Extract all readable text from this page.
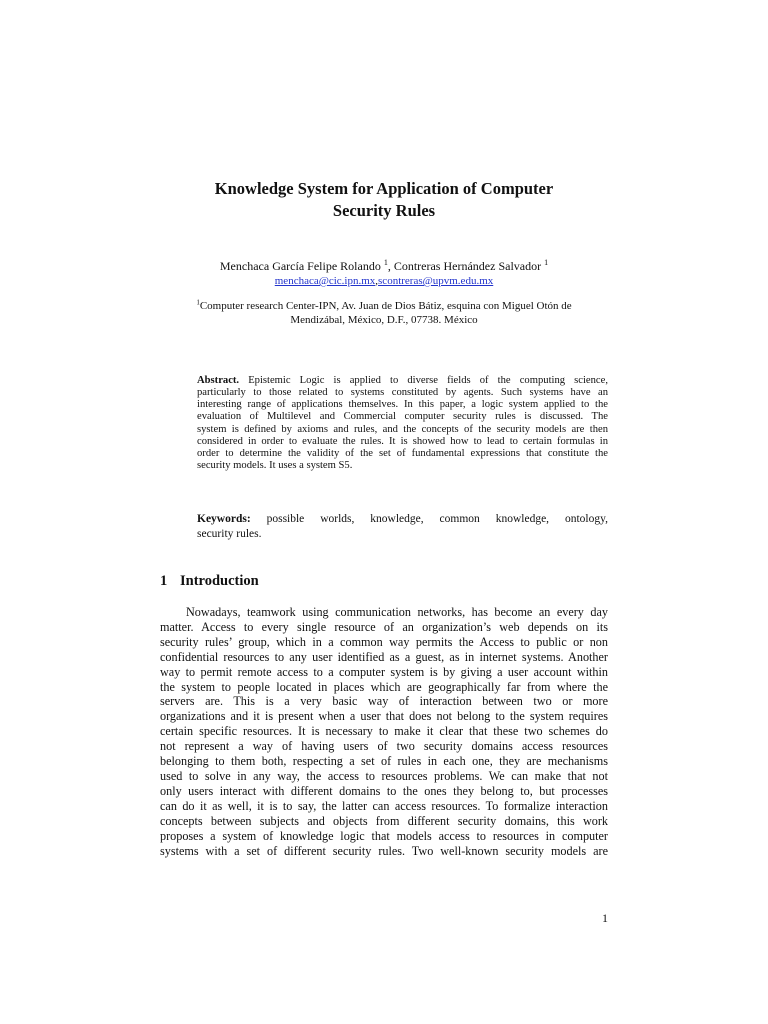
Knowledge System for Application of Computer
Security Rules
Menchaca García Felipe Rolando $^1$, Contreras Hernández Salvador $^1$
menchaca@cic.ipn.mx,scontreras@upvm.edu.mx
$^1$Computer research Center-IPN, Av. Juan de Dios Bátiz, esquina con Miguel Otón de
Mendizábal, México, D.F., 07738. México
Abstract. Epistemic Logic is applied to diverse fields of the computing science,
particularly to those related to systems constituted by agents. Such systems have an
interesting range of applications themselves. In this paper, a logic system applied to the
evaluation of Multilevel and Commercial computer security rules is discussed. The
system is defined by axioms and rules, and the concepts of the security models are then
considered in order to evaluate the rules. It is showed how to lead to certain formulas in
order to determine the validity of the set of fundamental expressions that constitute the
security models. It uses a system S5.
Keywords: possible worlds, knowledge, common knowledge, ontology,
security rules.
1 Introduction
Nowadays, teamwork using communication networks, has become an every day
matter. Access to every single resource of an organization’s web depends on its
security rules’ group, which in a common way permits the Access to public or non
confidential resources to any user identified as a guest, as in internet systems. Another
way to permit remote access to a computer system is by giving a user account within
the system to people located in places which are geographically far from where the
servers are. This is a very basic way of interaction between two or more
organizations and it is present when a user that does not belong to the system requires
certain specific resources. It is necessary to make it clear that these two schemes do
not represent a way of having users of two security domains access resources
belonging to them both, respecting a set of rules in each one, they are mechanisms
used to solve in any way, the access to resources problems. We can make that not
only users interact with different domains to the ones they belong to, but processes
can do it as well, it is to say, the latter can access resources. To formalize interaction
concepts between subjects and objects from different security domains, this work
proposes a system of knowledge logic that models access to resources in computer
systems with a set of different security rules. Two well-known security models are
1
